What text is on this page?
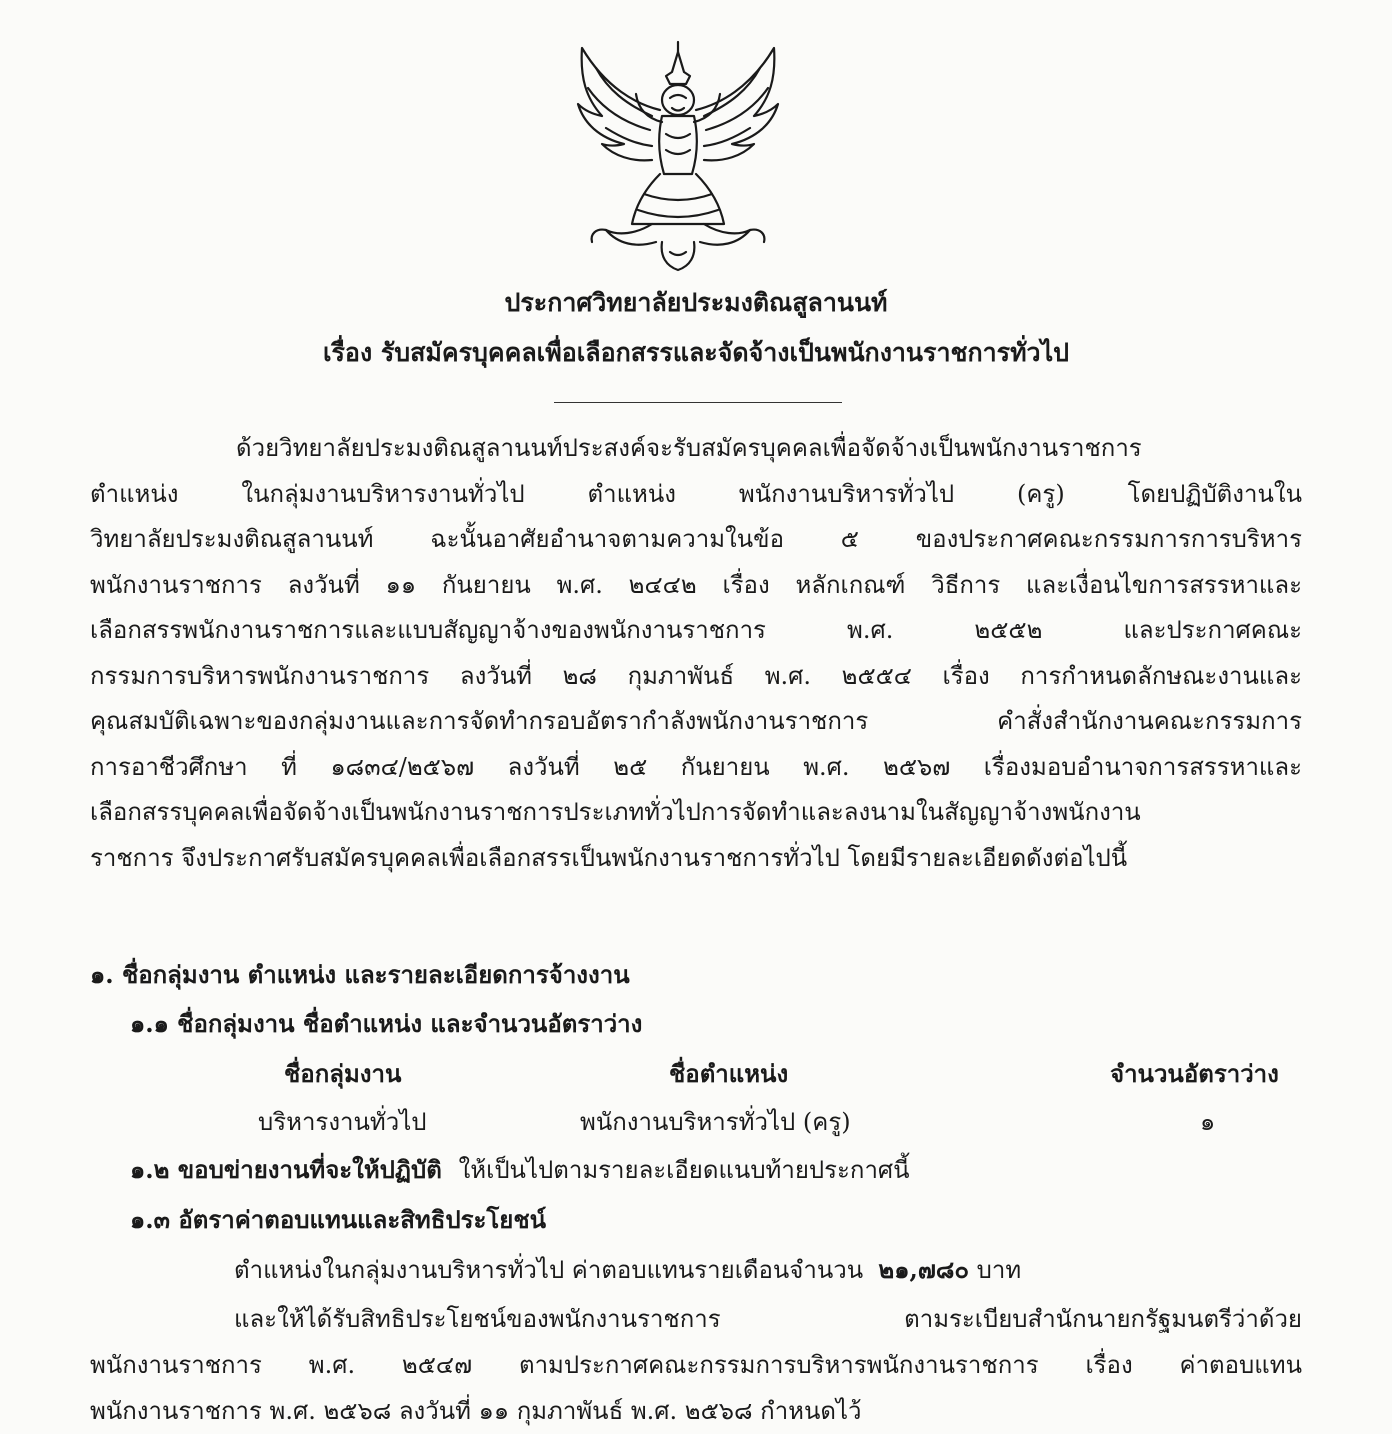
ประกาศวิทยาลัยประมงติณสูลานนท์
เรื่อง รับสมัครบุคคลเพื่อเลือกสรรและจัดจ้างเป็นพนักงานราชการทั่วไป
ด้วยวิทยาลัยประมงติณสูลานนท์ประสงค์จะรับสมัครบุคคลเพื่อจัดจ้างเป็นพนักงานราชการ
ตำแหน่ง ในกลุ่มงานบริหารงานทั่วไป ตำแหน่ง พนักงานบริหารทั่วไป (ครู) โดยปฏิบัติงานใน
วิทยาลัยประมงติณสูลานนท์ ฉะนั้นอาศัยอำนาจตามความในข้อ ๕ ของประกาศคณะกรรมการการบริหาร
พนักงานราชการ ลงวันที่ ๑๑ กันยายน พ.ศ. ๒๔๔๒ เรื่อง หลักเกณฑ์ วิธีการ และเงื่อนไขการสรรหาและ
เลือกสรรพนักงานราชการและแบบสัญญาจ้างของพนักงานราชการ พ.ศ. ๒๕๕๒ และประกาศคณะ
กรรมการบริหารพนักงานราชการ ลงวันที่ ๒๘ กุมภาพันธ์ พ.ศ. ๒๕๕๔ เรื่อง การกำหนดลักษณะงานและ
คุณสมบัติเฉพาะของกลุ่มงานและการจัดทำกรอบอัตรากำลังพนักงานราชการ คำสั่งสำนักงานคณะกรรมการ
การอาชีวศึกษา ที่ ๑๘๓๔/๒๕๖๗ ลงวันที่ ๒๕ กันยายน พ.ศ. ๒๕๖๗ เรื่องมอบอำนาจการสรรหาและ
เลือกสรรบุคคลเพื่อจัดจ้างเป็นพนักงานราชการประเภททั่วไปการจัดทำและลงนามในสัญญาจ้างพนักงาน
ราชการ จึงประกาศรับสมัครบุคคลเพื่อเลือกสรรเป็นพนักงานราชการทั่วไป โดยมีรายละเอียดดังต่อไปนี้
๑. ชื่อกลุ่มงาน ตำแหน่ง และรายละเอียดการจ้างงาน
๑.๑ ชื่อกลุ่มงาน ชื่อตำแหน่ง และจำนวนอัตราว่าง
ชื่อกลุ่มงาน	ชื่อตำแหน่ง	จำนวนอัตราว่าง
บริหารงานทั่วไป	พนักงานบริหารทั่วไป (ครู)	๑
๑.๒ ขอบข่ายงานที่จะให้ปฏิบัติ ให้เป็นไปตามรายละเอียดแนบท้ายประกาศนี้
๑.๓ อัตราค่าตอบแทนและสิทธิประโยชน์
ตำแหน่งในกลุ่มงานบริหารทั่วไป ค่าตอบแทนรายเดือนจำนวน ๒๑,๗๘๐ บาท
และให้ได้รับสิทธิประโยชน์ของพนักงานราชการ ตามระเบียบสำนักนายกรัฐมนตรีว่าด้วย
พนักงานราชการ พ.ศ. ๒๕๔๗ ตามประกาศคณะกรรมการบริหารพนักงานราชการ เรื่อง ค่าตอบแทน
พนักงานราชการ พ.ศ. ๒๕๖๘ ลงวันที่ ๑๑ กุมภาพันธ์ พ.ศ. ๒๕๖๘ กำหนดไว้
